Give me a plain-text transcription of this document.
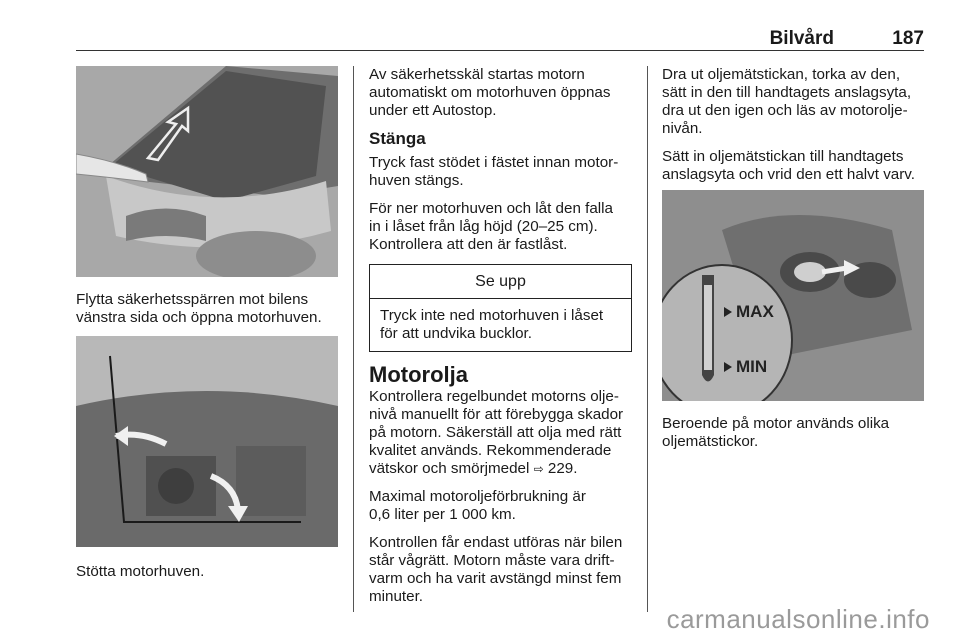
Bilvård	187

Flytta säkerhetsspärren mot bilens
vänstra sida och öppna motorhuven.

Stötta motorhuven.

Av säkerhetsskäl startas motorn
automatiskt om motorhuven öppnas
under ett Autostop.

Stänga

Tryck fast stödet i fästet innan motor-
huven stängs.

För ner motorhuven och låt den falla
in i låset från låg höjd (20–25 cm).
Kontrollera att den är fastlåst.

Se upp
Tryck inte ned motorhuven i låset
för att undvika bucklor.
Motorolja

Kontrollera regelbundet motorns olje-
nivå manuellt för att förebygga skador
på motorn. Säkerställ att olja med rätt
kvalitet används. Rekommenderade
vätskor och smörjmedel ⇨ 229.

Maximal motoroljeförbrukning är
0,6 liter per 1 000 km.

Kontrollen får endast utföras när bilen
står vågrätt. Motorn måste vara drift-
varm och ha varit avstängd minst fem
minuter.

Dra ut oljemätstickan, torka av den,
sätt in den till handtagets anslagsyta,
dra ut den igen och läs av motorolje-
nivån.

Sätt in oljemätstickan till handtagets
anslagsyta och vrid den ett halvt varv.

MAX
MIN

Beroende på motor används olika
oljemätstickor.

carmanualsonline.info
